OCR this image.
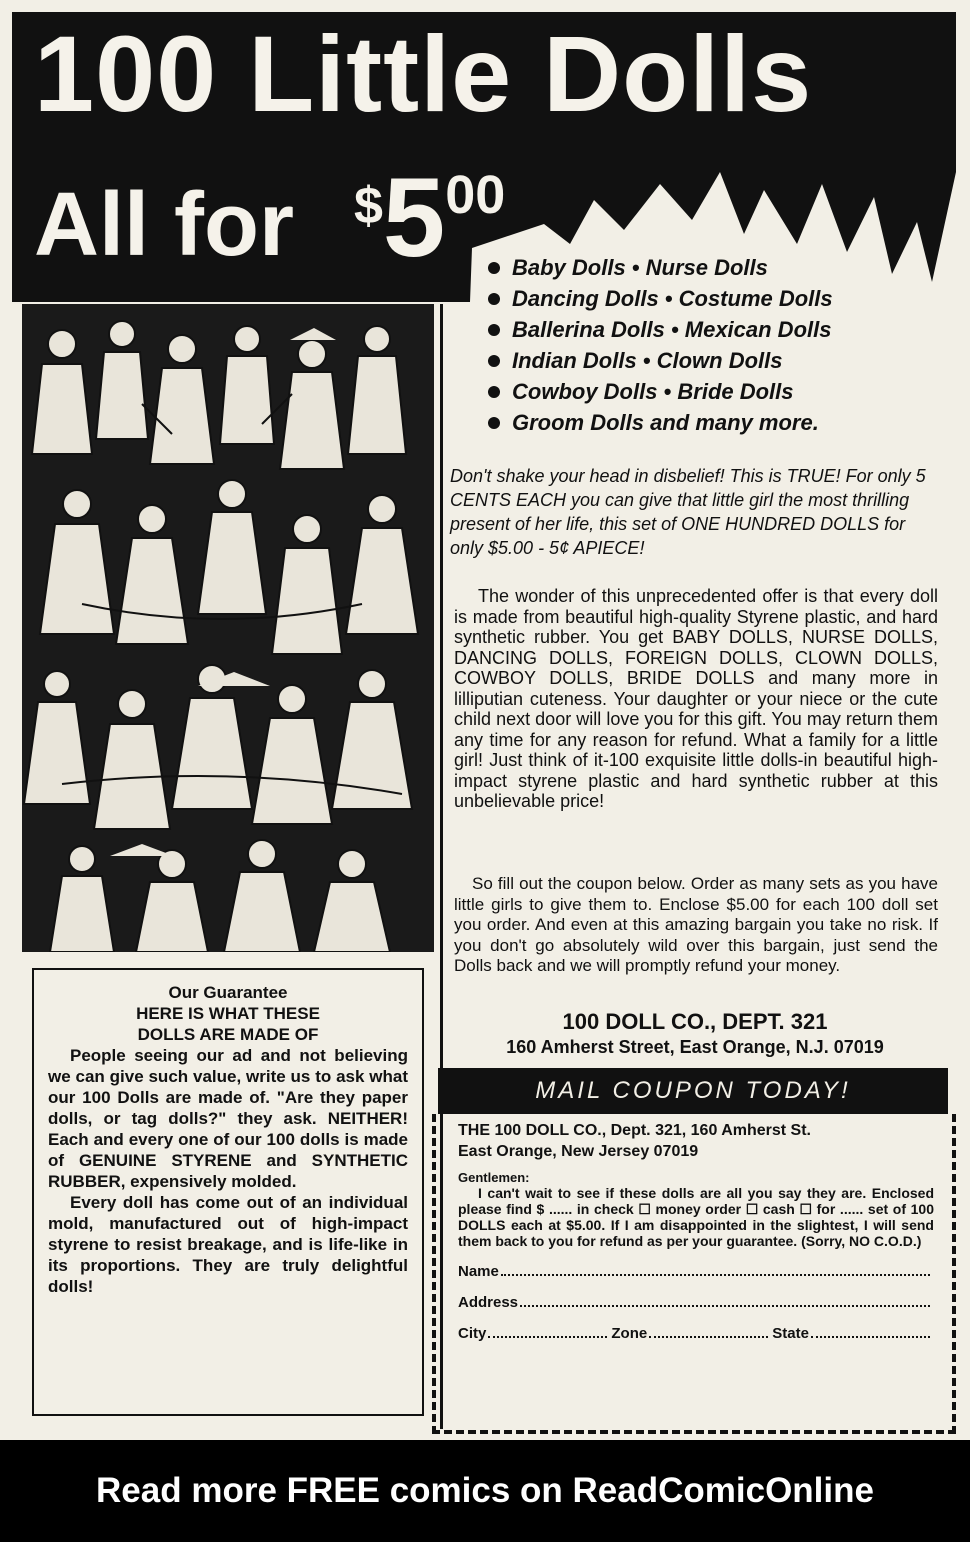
100 Little Dolls
All for $500
Baby Dolls • Nurse Dolls
Dancing Dolls • Costume Dolls
Ballerina Dolls • Mexican Dolls
Indian Dolls • Clown Dolls
Cowboy Dolls • Bride Dolls
Groom Dolls and many more.
Our Guarantee
HERE IS WHAT THESE
DOLLS ARE MADE OF

People seeing our ad and not believing we can give such value, write us to ask what our 100 Dolls are made of. "Are they paper dolls, or tag dolls?" they ask. NEITHER! Each and every one of our 100 dolls is made of GENUINE STYRENE and SYNTHETIC RUBBER, expensively molded.

Every doll has come out of an individual mold, manufactured out of high-impact styrene to resist breakage, and is life-like in its proportions. They are truly delightful dolls!

Don't shake your head in disbelief! This is TRUE! For only 5 CENTS EACH you can give that little girl the most thrilling present of her life, this set of ONE HUNDRED DOLLS for only $5.00 - 5¢ APIECE!

The wonder of this unprecedented offer is that every doll is made from beautiful high-quality Styrene plastic, and hard synthetic rubber. You get BABY DOLLS, NURSE DOLLS, DANCING DOLLS, FOREIGN DOLLS, CLOWN DOLLS, COWBOY DOLLS, BRIDE DOLLS and many more in lilliputian cuteness. Your daughter or your niece or the cute child next door will love you for this gift. You may return them any time for any reason for refund. What a family for a little girl! Just think of it-100 exquisite little dolls-in beautiful high-impact styrene plastic and hard synthetic rubber at this unbelievable price!

So fill out the coupon below. Order as many sets as you have little girls to give them to. Enclose $5.00 for each 100 doll set you order. And even at this amazing bargain you take no risk. If you don't go absolutely wild over this bargain, just send the Dolls back and we will promptly refund your money.

100 DOLL CO., DEPT. 321
160 Amherst Street, East Orange, N.J. 07019
MAIL COUPON TODAY!
THE 100 DOLL CO., Dept. 321, 160 Amherst St.
East Orange, New Jersey 07019
Gentlemen:

I can't wait to see if these dolls are all you say they are. Enclosed please find $ ...... in check ☐ money order ☐ cash ☐ for ...... set of 100 DOLLS each at $5.00. If I am disappointed in the slightest, I will send them back to you for refund as per your guarantee. (Sorry, NO C.O.D.)

Name
Address
City	Zone	State
Read more FREE comics on ReadComicOnline
